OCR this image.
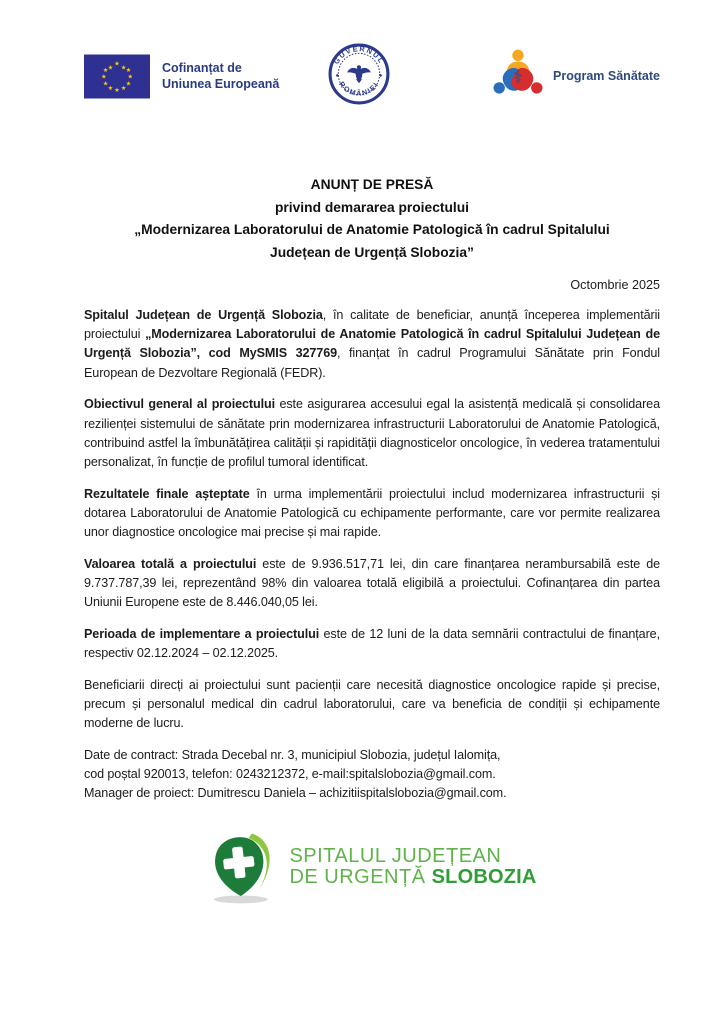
★
★ ★
★
★
★
★
★
★
★
★ ★	Cofinanțat de
Uniunea Europeană
GUVERNUL
ROMÂNIEI
◆	◆	⚕ Program Sănătate
ANUNȚ DE PRESĂ
privind demararea proiectului
„Modernizarea Laboratorului de Anatomie Patologică în cadrul Spitalului
Județean de Urgență Slobozia”
Octombrie 2025

Spitalul Județean de Urgență Slobozia, în calitate de beneficiar, anunță începerea implementării proiectului „Modernizarea Laboratorului de Anatomie Patologică în cadrul Spitalului Județean de Urgență Slobozia”, cod MySMIS 327769, finanțat în cadrul Programului Sănătate prin Fondul European de Dezvoltare Regională (FEDR).

Obiectivul general al proiectului este asigurarea accesului egal la asistență medicală și consolidarea rezilienței sistemului de sănătate prin modernizarea infrastructurii Laboratorului de Anatomie Patologică, contribuind astfel la îmbunătățirea calității și rapidității diagnosticelor oncologice, în vederea tratamentului personalizat, în funcție de profilul tumoral identificat.

Rezultatele finale așteptate în urma implementării proiectului includ modernizarea infrastructurii și dotarea Laboratorului de Anatomie Patologică cu echipamente performante, care vor permite realizarea unor diagnostice oncologice mai precise și mai rapide.

Valoarea totală a proiectului este de 9.936.517,71 lei, din care finanțarea nerambursabilă este de 9.737.787,39 lei, reprezentând 98% din valoarea totală eligibilă a proiectului. Cofinanțarea din partea Uniunii Europene este de 8.446.040,05 lei.

Perioada de implementare a proiectului este de 12 luni de la data semnării contractului de finanțare, respectiv 02.12.2024 – 02.12.2025.

Beneficiarii direcți ai proiectului sunt pacienții care necesită diagnostice oncologice rapide și precise, precum și personalul medical din cadrul laboratorului, care va beneficia de condiții și echipamente moderne de lucru.

Date de contract: Strada Decebal nr. 3, municipiul Slobozia, județul Ialomița,
cod poștal 920013, telefon: 0243212372, e-mail:spitalslobozia@gmail.com.
Manager de proiect: Dumitrescu Daniela – achizitiispitalslobozia@gmail.com.
SPITALUL JUDEȚEAN
DE URGENȚĂ SLOBOZIA
